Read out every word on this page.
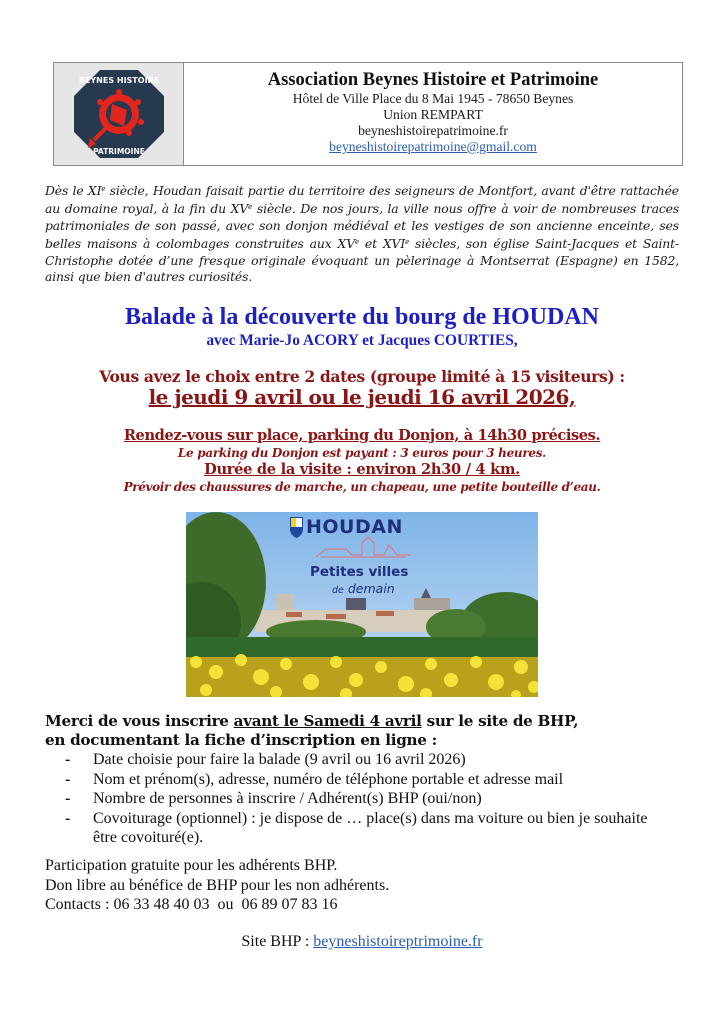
BEYNES HISTOIRE
PATRIMOINE
Association Beynes Histoire et Patrimoine
Hôtel de Ville Place du 8 Mai 1945 - 78650 Beynes
Union REMPART
beyneshistoirepatrimoine.fr
beyneshistoirepatrimoine@gmail.com
Dès le XIe siècle, Houdan faisait partie du territoire des seigneurs de Montfort, avant d'être rattachée au domaine royal, à la fin du XVe siècle. De nos jours, la ville nous offre à voir de nombreuses traces patrimoniales de son passé, avec son donjon médiéval et les vestiges de son ancienne enceinte, ses belles maisons à colombages construites aux XVe et XVIe siècles, son église Saint-Jacques et Saint-Christophe dotée d’une fresque originale évoquant un pèlerinage à Montserrat (Espagne) en 1582, ainsi que bien d'autres curiosités.
Balade à la découverte du bourg de HOUDAN
avec Marie-Jo ACORY et Jacques COURTIES,
Vous avez le choix entre 2 dates (groupe limité à 15 visiteurs) :
le jeudi 9 avril ou le jeudi 16 avril 2026,
Rendez-vous sur place, parking du Donjon, à 14h30 précises.
Le parking du Donjon est payant : 3 euros pour 3 heures.
Durée de la visite : environ 2h30 / 4 km.
Prévoir des chaussures de marche, un chapeau, une petite bouteille d’eau.
HOUDAN
Petites villes
de demain
Merci de vous inscrire avant le Samedi 4 avril sur le site de BHP,
en documentant la fiche d’inscription en ligne :
- Date choisie pour faire la balade (9 avril ou 16 avril 2026)
- Nom et prénom(s), adresse, numéro de téléphone portable et adresse mail
- Nombre de personnes à inscrire / Adhérent(s) BHP (oui/non)
- Covoiturage (optionnel) : je dispose de … place(s) dans ma voiture ou bien je souhaite être covoituré(e).
Participation gratuite pour les adhérents BHP.
Don libre au bénéfice de BHP pour les non adhérents.
Contacts : 06 33 48 40 03  ou  06 89 07 83 16
Site BHP : beyneshistoireptrimoine.fr
